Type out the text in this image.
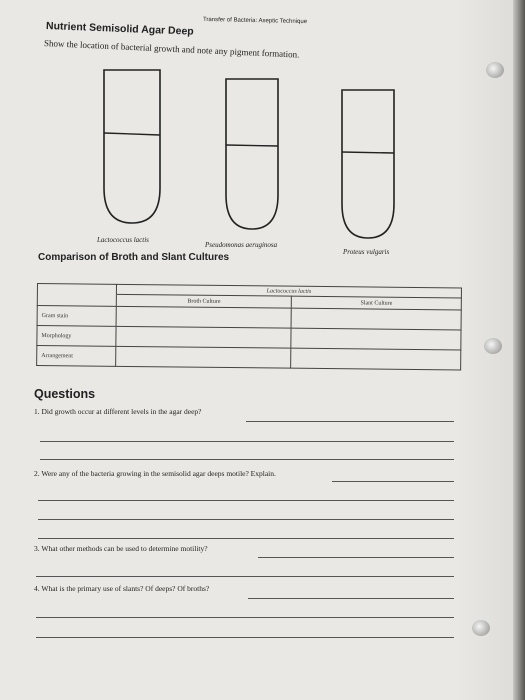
Transfer of Bacteria: Aseptic Technique
Nutrient Semisolid Agar Deep
Show the location of bacterial growth and note any pigment formation.
Lactococcus lactis
Pseudomonas aeruginosa
Proteus vulgaris
Comparison of Broth and Slant Cultures
	Lactococcus lactis	
	Broth Culture	Slant Culture
Gram stain		
Morphology		
Arrangement		
Questions
1. Did growth occur at different levels in the agar deep?
2. Were any of the bacteria growing in the semisolid agar deeps motile? Explain.
3. What other methods can be used to determine motility?
4. What is the primary use of slants? Of deeps? Of broths?
